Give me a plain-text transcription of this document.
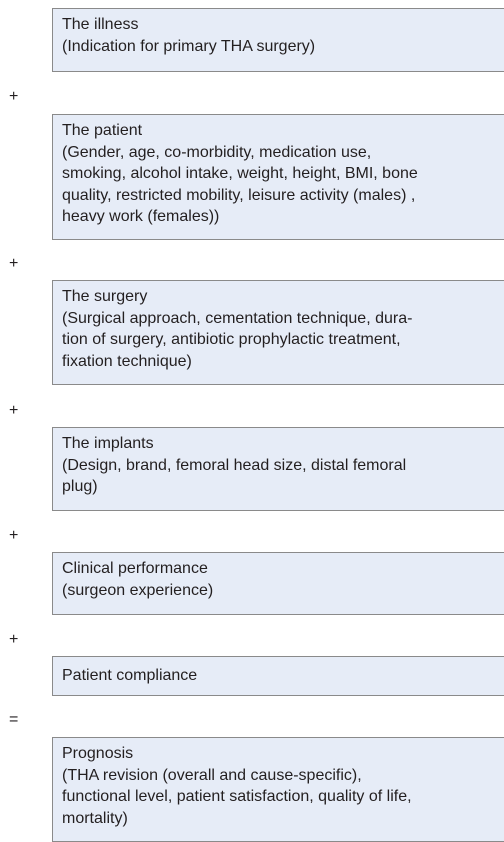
The illness
(Indication for primary THA surgery)
+
The patient
(Gender, age, co-morbidity, medication use,
smoking, alcohol intake, weight, height, BMI, bone
quality, restricted mobility, leisure activity (males) ,
heavy work (females))
+
The surgery
(Surgical approach, cementation technique, dura-
tion of surgery, antibiotic prophylactic treatment,
fixation technique)
+
The implants
(Design, brand, femoral head size, distal femoral
plug)
+
Clinical performance
(surgeon experience)
+
Patient compliance
=
Prognosis
(THA revision (overall and cause-specific),
functional level, patient satisfaction, quality of life,
mortality)
